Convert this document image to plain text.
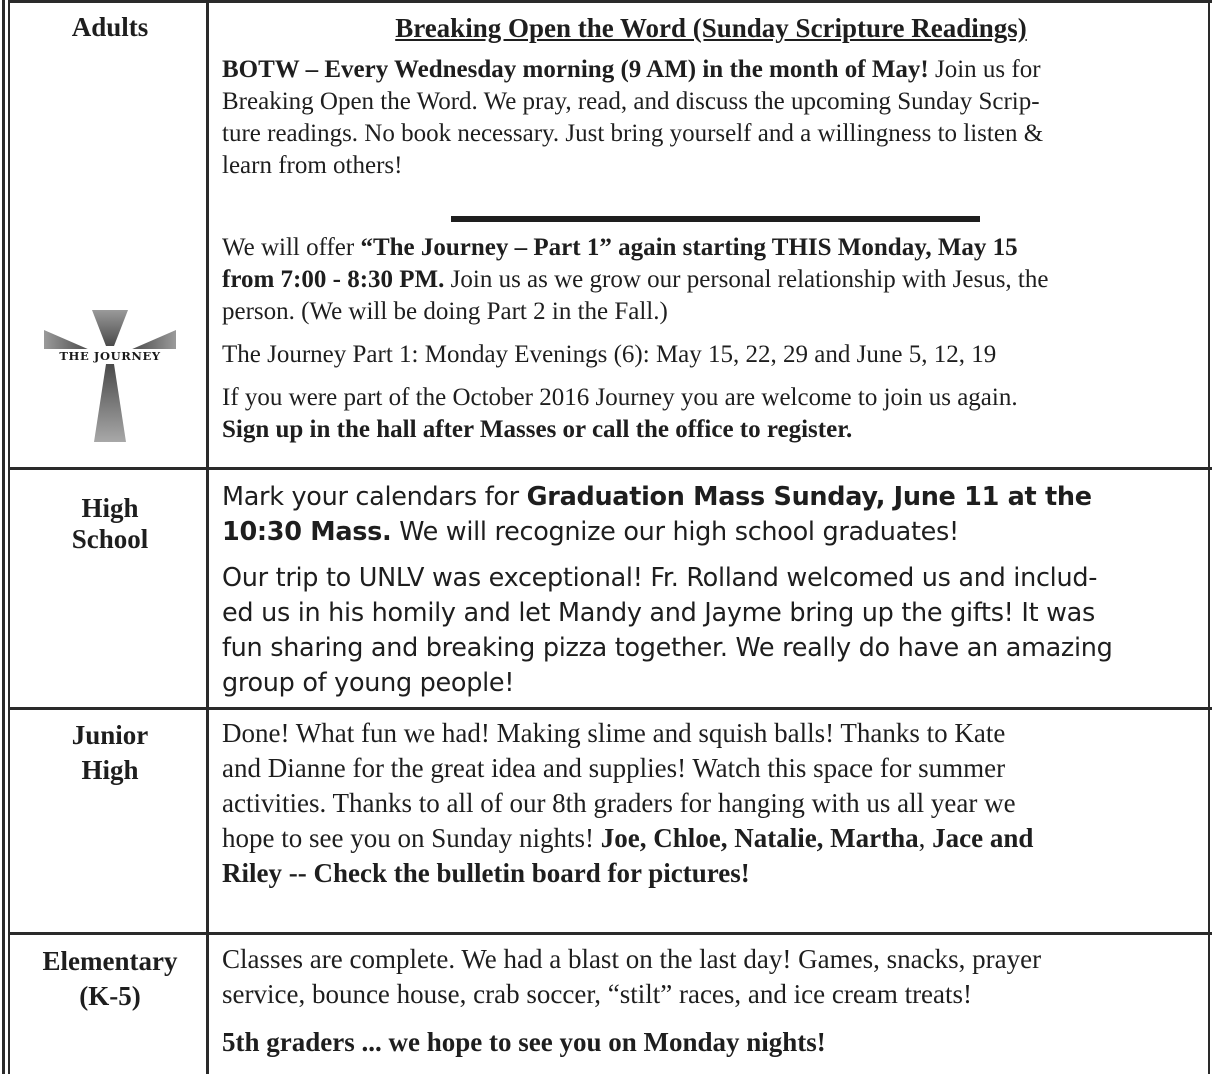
Adults
THE JOURNEY

Breaking Open the Word (Sunday Scripture Readings)

BOTW – Every Wednesday morning (9 AM) in the month of May! Join us for
Breaking Open the Word. We pray, read, and discuss the upcoming Sunday Scrip-
ture readings. No book necessary. Just bring yourself and a willingness to listen &
learn from others!

We will offer “The Journey – Part 1” again starting THIS Monday, May 15
from 7:00 - 8:30 PM. Join us as we grow our personal relationship with Jesus, the
person. (We will be doing Part 2 in the Fall.)

The Journey Part 1: Monday Evenings (6): May 15, 22, 29 and June 5, 12, 19

If you were part of the October 2016 Journey you are welcome to join us again.

Sign up in the hall after Masses or call the office to register.

High
School

Mark your calendars for Graduation Mass Sunday, June 11 at the
10:30 Mass. We will recognize our high school graduates!

Our trip to UNLV was exceptional! Fr. Rolland welcomed us and includ-
ed us in his homily and let Mandy and Jayme bring up the gifts! It was
fun sharing and breaking pizza together. We really do have an amazing
group of young people!

Junior
High

Done! What fun we had! Making slime and squish balls! Thanks to Kate
and Dianne for the great idea and supplies! Watch this space for summer
activities. Thanks to all of our 8th graders for hanging with us all year we
hope to see you on Sunday nights! Joe, Chloe, Natalie, Martha, Jace and
Riley -- Check the bulletin board for pictures!

Elementary
(K-5)

Classes are complete. We had a blast on the last day! Games, snacks, prayer
service, bounce house, crab soccer, “stilt” races, and ice cream treats!

5th graders ... we hope to see you on Monday nights!
